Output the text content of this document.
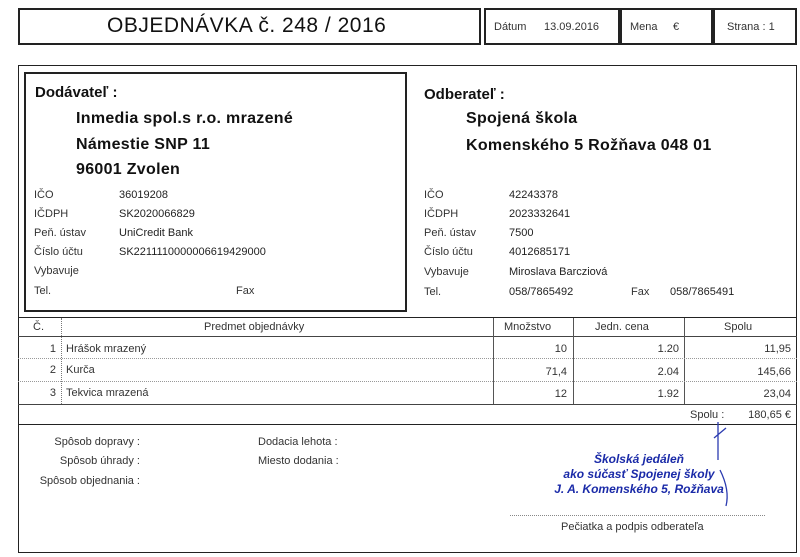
OBJEDNÁVKA č. 248 / 2016	Dátum 13.09.2016	Mena €	Strana : 1
Dodávateľ :
Inmedia spol.s r.o. mrazené
Námestie SNP 11
96001 Zvolen
IČO	36019208
IČDPH	SK2020066829
Peň. ústav	UniCredit Bank
Číslo účtu	SK2211110000006619429000
Vybavuje
Tel.	Fax
Odberateľ :
Spojená škola
Komenského 5 Rožňava 048 01
IČO	42243378
IČDPH	2023332641
Peň. ústav	7500
Číslo účtu	4012685171
Vybavuje	Miroslava Barcziová
Tel.	058/7865492	Fax 058/7865491
Č.	Predmet objednávky	Množstvo	Jedn. cena	Spolu
1 Hrášok mrazený	10	1.20	11,95
2 Kurča	71,4	2.04	145,66
3 Tekvica mrazená	12	1.92	23,04
Spolu :	180,65 €
Spôsob dopravy :
Spôsob úhrady :
Spôsob objednania :
Dodacia lehota :
Miesto dodania :	Školská jedáleň
ako súčasť Spojenej školy
J. A. Komenského 5, Rožňava
Pečiatka a podpis odberateľa
